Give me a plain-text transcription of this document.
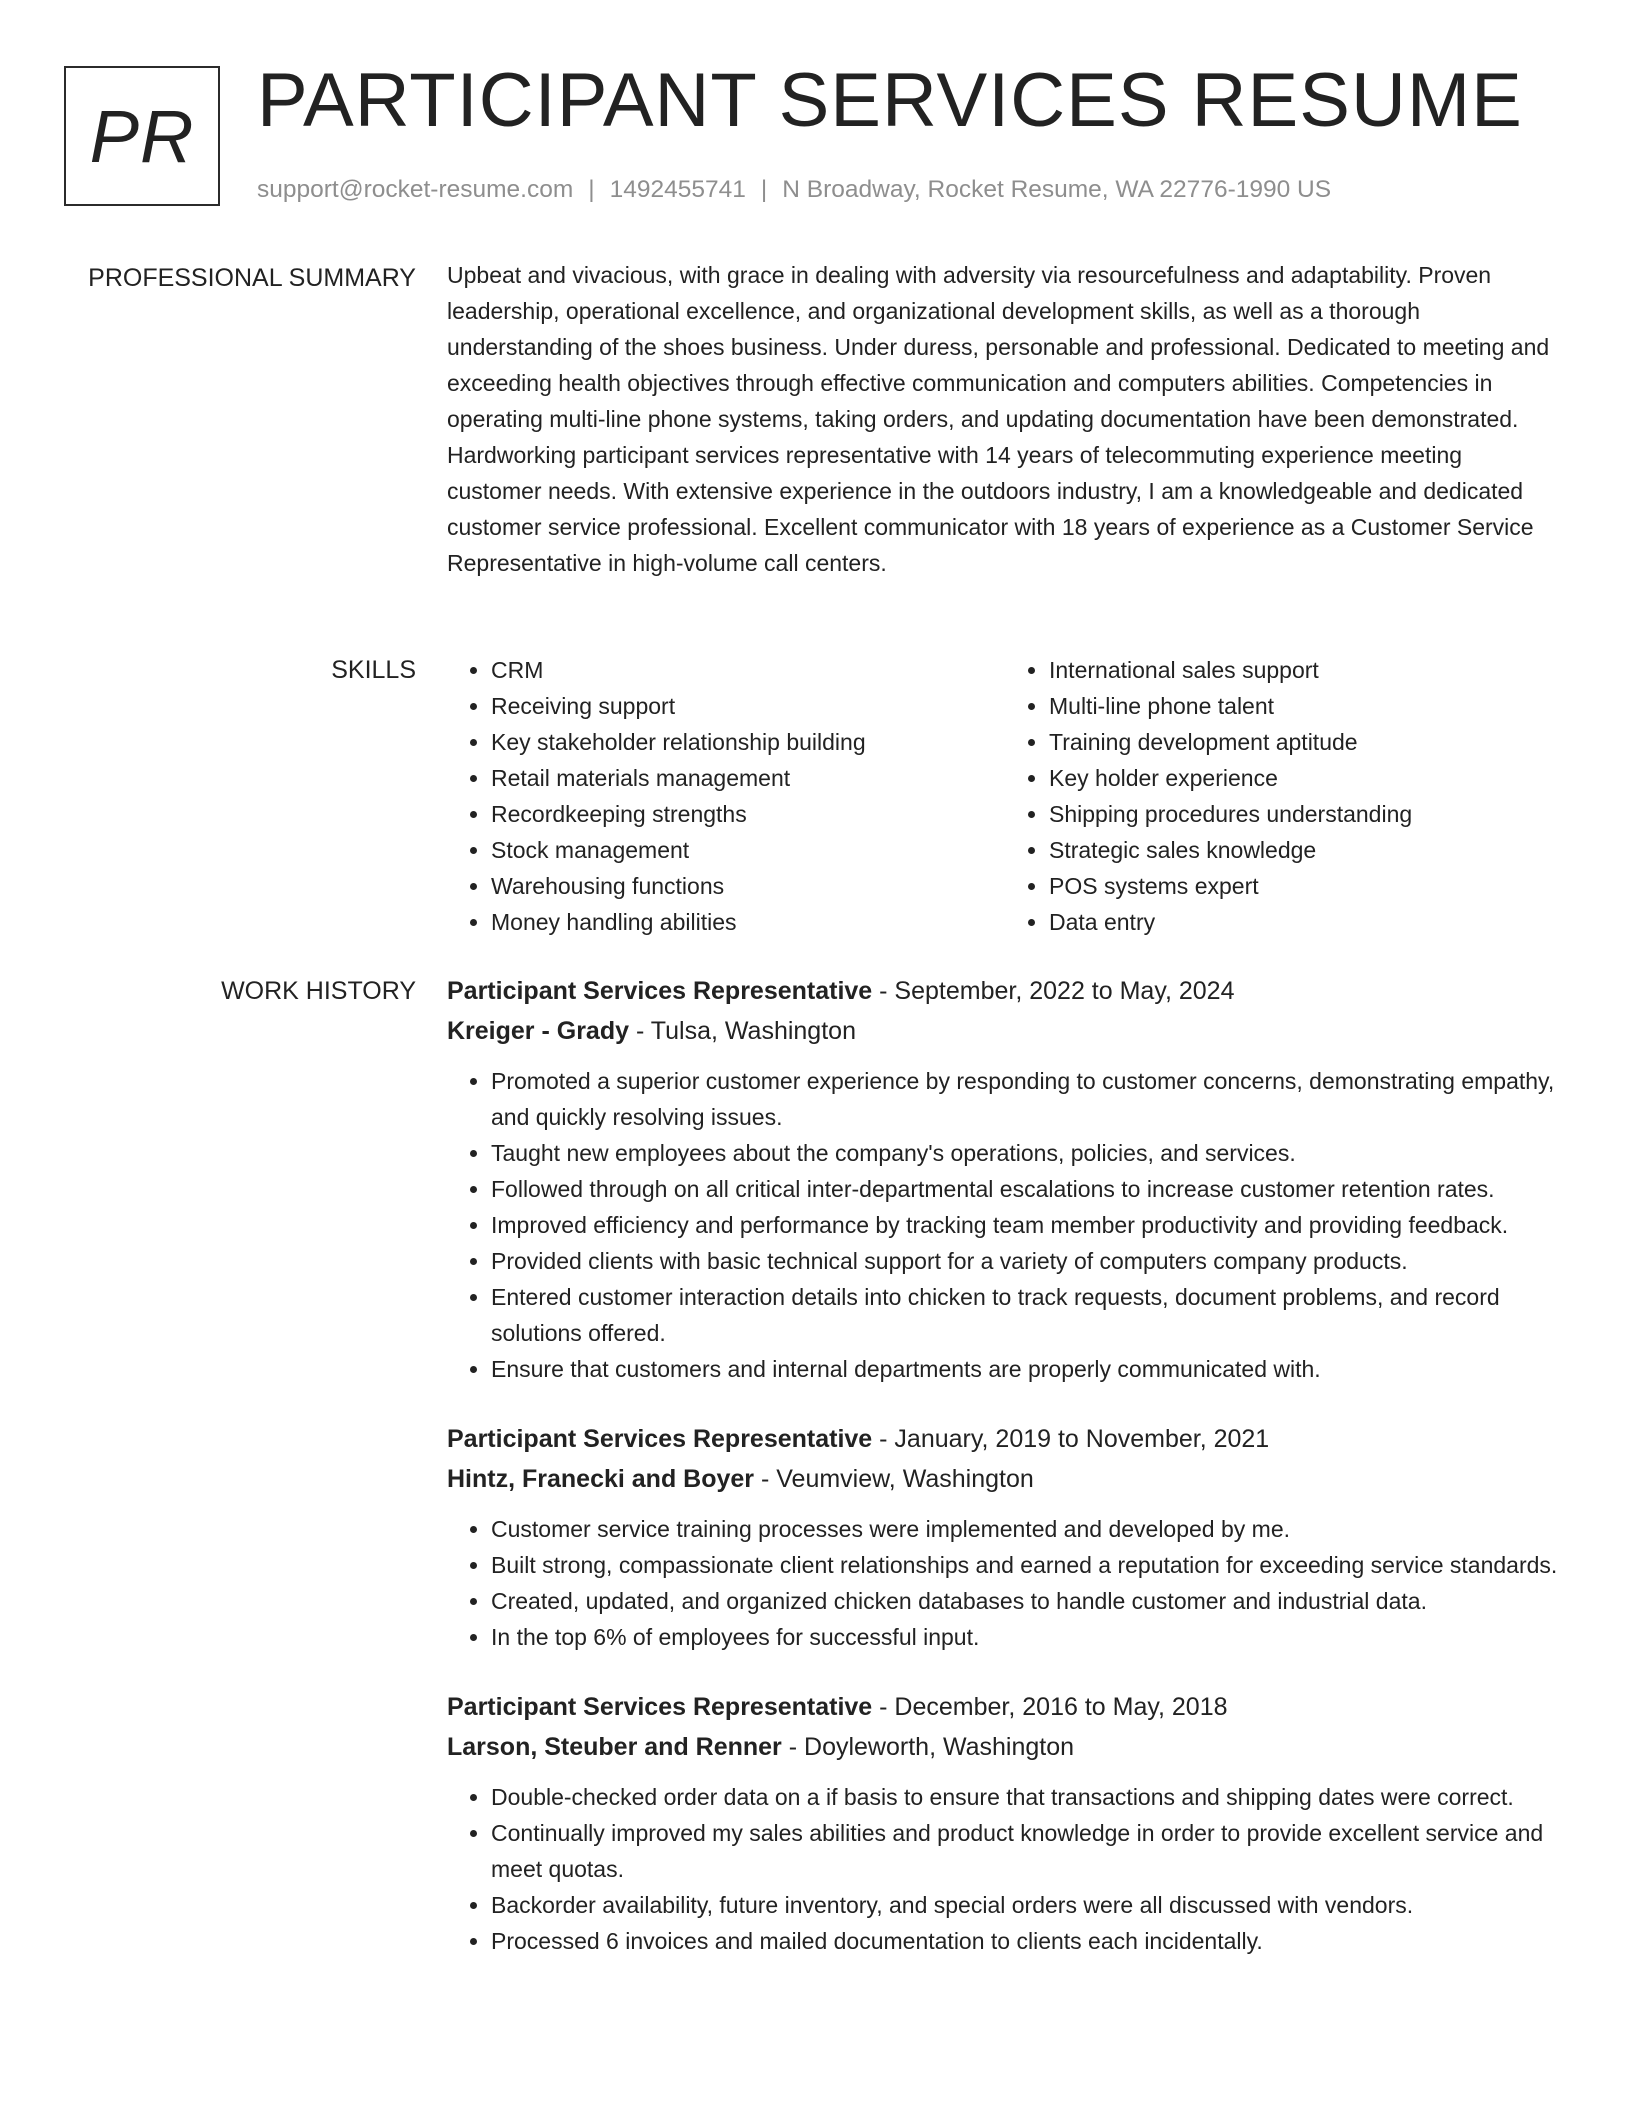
PR PARTICIPANT SERVICES RESUME
support@rocket-resume.com | 1492455741 | N Broadway, Rocket Resume, WA 22776-1990 US
PROFESSIONAL SUMMARY Upbeat and vivacious, with grace in dealing with adversity via resourcefulness and adaptability. Proven leadership, operational excellence, and organizational development skills, as well as a thorough understanding of the shoes business. Under duress, personable and professional. Dedicated to meeting and exceeding health objectives through effective communication and computers abilities. Competencies in operating multi-line phone systems, taking orders, and updating documentation have been demonstrated. Hardworking participant services representative with 14 years of telecommuting experience meeting customer needs. With extensive experience in the outdoors industry, I am a knowledgeable and dedicated customer service professional. Excellent communicator with 18 years of experience as a Customer Service Representative in high-volume call centers.

SKILLS
•	CRM
• Receiving support
• Key stakeholder relationship building
• Retail materials management
• Recordkeeping strengths
• Stock management
• Warehousing functions
• Money handling abilities
• International sales support
• Multi-line phone talent
• Training development aptitude
• Key holder experience
• Shipping procedures understanding
• Strategic sales knowledge
• POS systems expert
• Data entry
WORK HISTORY Participant Services Representative - September, 2022 to May, 2024

Kreiger - Grady - Tulsa, Washington

• Promoted a superior customer experience by responding to customer concerns, demonstrating empathy, and quickly resolving issues.
• Taught new employees about the company's operations, policies, and services.
• Followed through on all critical inter-departmental escalations to increase customer retention rates.
• Improved efficiency and performance by tracking team member productivity and providing feedback.
• Provided clients with basic technical support for a variety of computers company products.
• Entered customer interaction details into chicken to track requests, document problems, and record solutions offered.
• Ensure that customers and internal departments are properly communicated with.

Participant Services Representative - January, 2019 to November, 2021

Hintz, Franecki and Boyer - Veumview, Washington

• Customer service training processes were implemented and developed by me.
• Built strong, compassionate client relationships and earned a reputation for exceeding service standards.
• Created, updated, and organized chicken databases to handle customer and industrial data.
• In the top 6% of employees for successful input.

Participant Services Representative - December, 2016 to May, 2018

Larson, Steuber and Renner - Doyleworth, Washington

• Double-checked order data on a if basis to ensure that transactions and shipping dates were correct.
• Continually improved my sales abilities and product knowledge in order to provide excellent service and meet quotas.
• Backorder availability, future inventory, and special orders were all discussed with vendors.
• Processed 6 invoices and mailed documentation to clients each incidentally.
